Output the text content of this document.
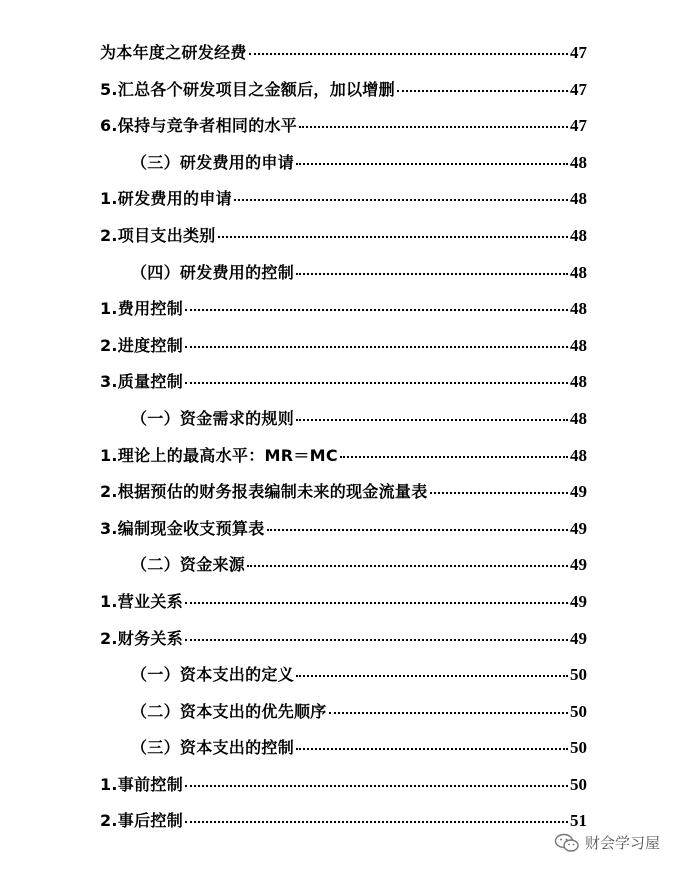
为本年度之研发经费	47
5.汇总各个研发项目之金额后，加以增删	47
6.保持与竞争者相同的水平	47
（三）研发费用的申请	48
1.研发费用的申请	48
2.项目支出类别	48
（四）研发费用的控制	48
1.费用控制	48
2.进度控制	48
3.质量控制	48
（一）资金需求的规则	48
1.理论上的最高水平：MR＝MC	48
2.根据预估的财务报表编制未来的现金流量表	49
3.编制现金收支预算表	49
（二）资金来源	49
1.营业关系	49
2.财务关系	49
（一）资本支出的定义	50
（二）资本支出的优先顺序	50
（三）资本支出的控制	50
1.事前控制	50
2.事后控制	51
财会学习屋
